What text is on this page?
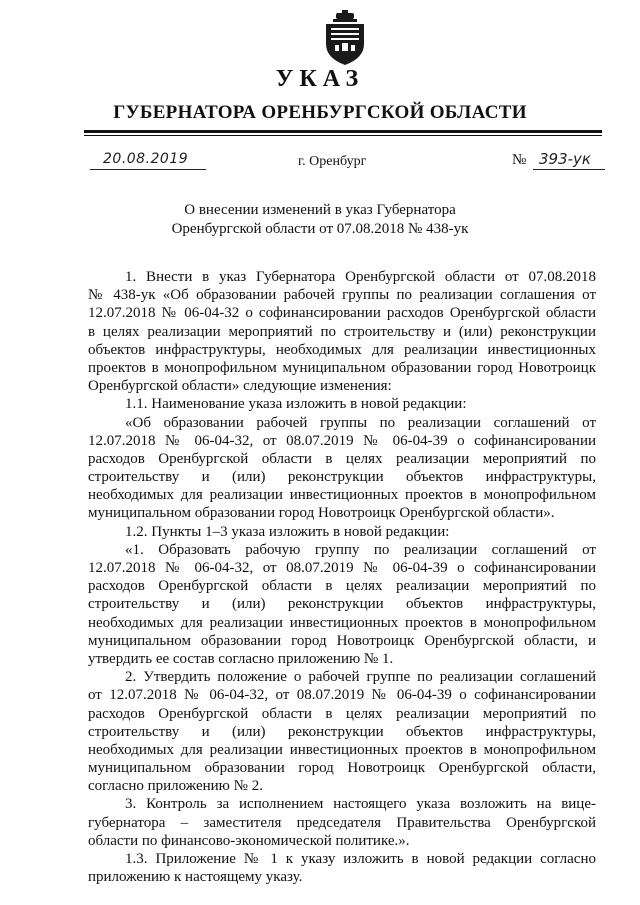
УКАЗ
ГУБЕРНАТОРА ОРЕНБУРГСКОЙ ОБЛАСТИ
20.08.2019	г. Оренбург	№ 393-ук
О внесении изменений в указ Губернатора
Оренбургской области от 07.08.2018 № 438-ук
1. Внести в указ Губернатора Оренбургской области от 07.08.2018
№ 438-ук «Об образовании рабочей группы по реализации соглашения от
12.07.2018 № 06-04-32 о софинансировании расходов Оренбургской области
в целях реализации мероприятий по строительству и (или) реконструкции
объектов инфраструктуры, необходимых для реализации инвестиционных
проектов в монопрофильном муниципальном образовании город Новотроицк
Оренбургской области» следующие изменения:
1.1. Наименование указа изложить в новой редакции:
«Об образовании рабочей группы по реализации соглашений от
12.07.2018 № 06-04-32, от 08.07.2019 № 06-04-39 о софинансировании
расходов Оренбургской области в целях реализации мероприятий по
строительству и (или) реконструкции объектов инфраструктуры,
необходимых для реализации инвестиционных проектов в монопрофильном
муниципальном образовании город Новотроицк Оренбургской области».
1.2. Пункты 1–3 указа изложить в новой редакции:
«1. Образовать рабочую группу по реализации соглашений от
12.07.2018 № 06-04-32, от 08.07.2019 № 06-04-39 о софинансировании
расходов Оренбургской области в целях реализации мероприятий по
строительству и (или) реконструкции объектов инфраструктуры,
необходимых для реализации инвестиционных проектов в монопрофильном
муниципальном образовании город Новотроицк Оренбургской области, и
утвердить ее состав согласно приложению № 1.
2. Утвердить положение о рабочей группе по реализации соглашений
от 12.07.2018 № 06-04-32, от 08.07.2019 № 06-04-39 о софинансировании
расходов Оренбургской области в целях реализации мероприятий по
строительству и (или) реконструкции объектов инфраструктуры,
необходимых для реализации инвестиционных проектов в монопрофильном
муниципальном образовании город Новотроицк Оренбургской области,
согласно приложению № 2.
3. Контроль за исполнением настоящего указа возложить на вице-
губернатора – заместителя председателя Правительства Оренбургской
области по финансово-экономической политике.».
1.3. Приложение № 1 к указу изложить в новой редакции согласно
приложению к настоящему указу.
